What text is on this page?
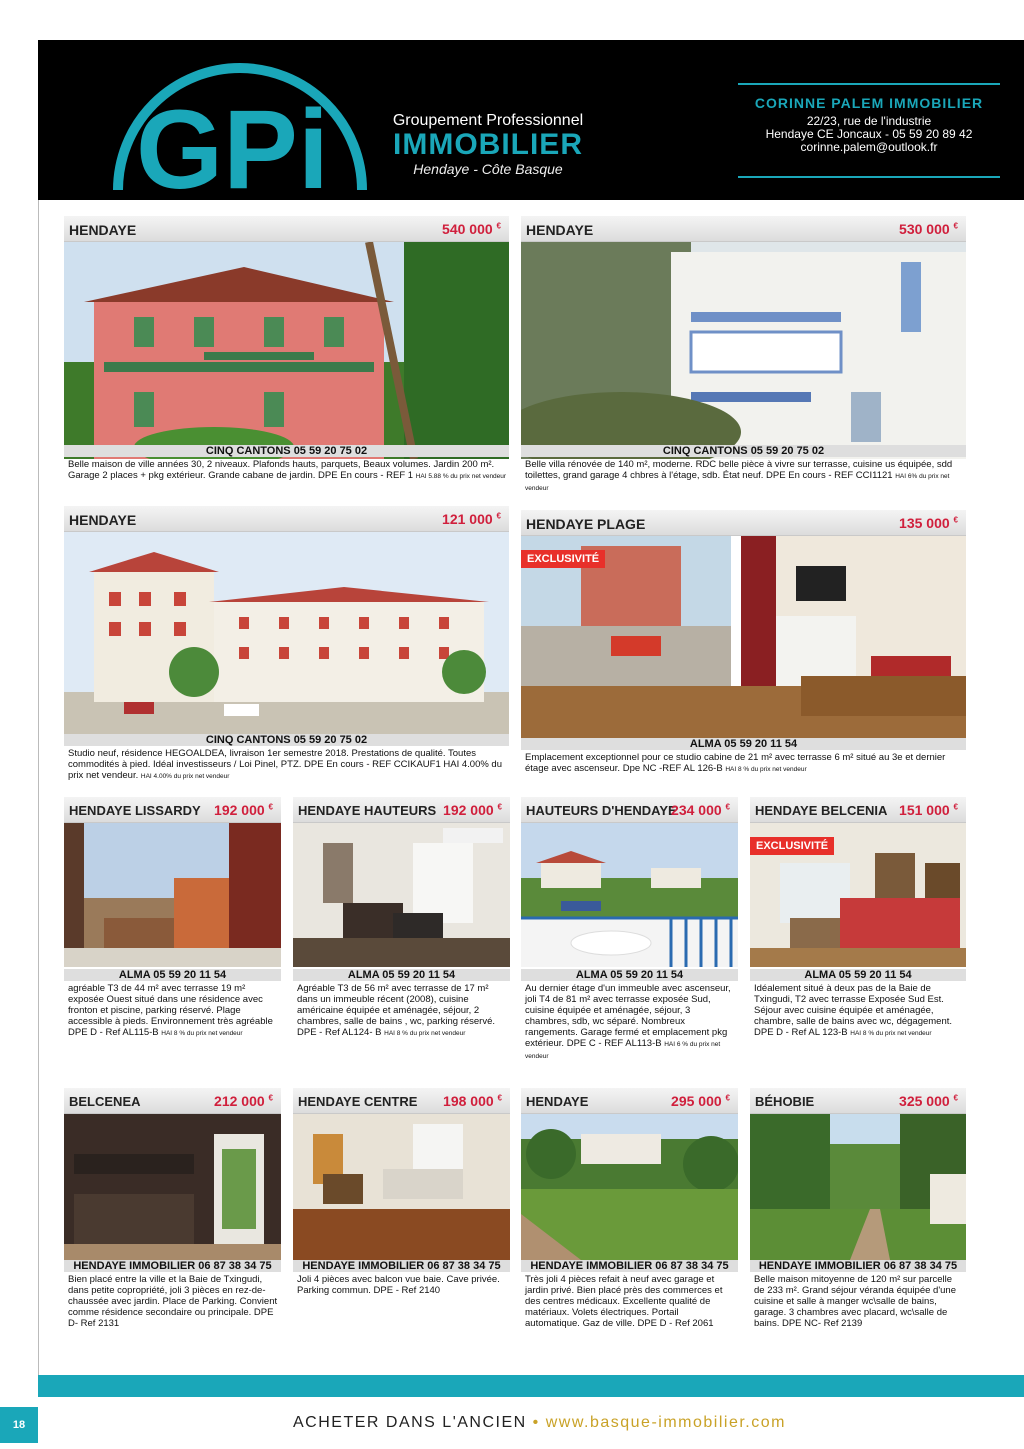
GPi	Groupement Professionnel
IMMOBILIER
Hendaye - Côte Basque
CORINNE PALEM IMMOBILIER
22/23, rue de l'industrie
Hendaye CE Joncaux - 05 59 20 89 42
corinne.palem@outlook.fr
HENDAYE	540 000 €
CINQ CANTONS 05 59 20 75 02
Belle maison de ville années 30, 2 niveaux. Plafonds hauts, parquets, Beaux volumes. Jardin 200 m². Garage 2 places + pkg extérieur. Grande cabane de jardin. DPE En cours - REF 1 HAI 5.88 % du prix net vendeur
HENDAYE	530 000 €
CINQ CANTONS 05 59 20 75 02
Belle villa rénovée de 140 m², moderne. RDC belle pièce à vivre sur terrasse, cuisine us équipée, sdd toilettes, grand garage 4 chbres à l'étage, sdb. État neuf. DPE En cours - REF CCI1121 HAI 6% du prix net vendeur
HENDAYE	121 000 €
CINQ CANTONS 05 59 20 75 02
Studio neuf, résidence HEGOALDEA, livraison 1er semestre 2018. Prestations de qualité. Toutes commodités à pied. Idéal investisseurs / Loi Pinel, PTZ. DPE En cours - REF CCIKAUF1 HAI 4.00% du prix net vendeur. HAI 4.00% du prix net vendeur
HENDAYE PLAGE	135 000 €
EXCLUSIVITÉ
ALMA 05 59 20 11 54
Emplacement exceptionnel pour ce studio cabine de 21 m² avec terrasse 6 m² situé au 3e et dernier étage avec ascenseur. Dpe NC -REF AL 126-B HAI 8 % du prix net vendeur
HENDAYE LISSARDY 192 000 €
ALMA 05 59 20 11 54
agréable T3 de 44 m² avec terrasse 19 m² exposée Ouest situé dans une résidence avec fronton et piscine, parking réservé. Plage accessible à pieds. Environnement très agréable DPE D - Ref AL115-B HAI 8 % du prix net vendeur
HENDAYE HAUTEURS 192 000 €
ALMA 05 59 20 11 54
Agréable T3 de 56 m² avec terrasse de 17 m² dans un immeuble récent (2008), cuisine américaine équipée et aménagée, séjour, 2 chambres, salle de bains , wc, parking réservé. DPE - Ref AL124- B HAI 8 % du prix net vendeur
HAUTEURS D'HENDAYE
234 000 €
ALMA 05 59 20 11 54
Au dernier étage d'un immeuble avec ascenseur, joli T4 de 81 m² avec terrasse exposée Sud, cuisine équipée et aménagée, séjour, 3 chambres, sdb, wc séparé. Nombreux rangements. Garage fermé et emplacement pkg extérieur. DPE C - REF AL113-B HAI 6 % du prix net vendeur
HENDAYE BELCENIA 151 000 €
EXCLUSIVITÉ
ALMA 05 59 20 11 54
Idéalement situé à deux pas de la Baie de Txingudi, T2 avec terrasse Exposée Sud Est. Séjour avec cuisine équipée et aménagée, chambre, salle de bains avec wc, dégagement. DPE D - Ref AL 123-B HAI 8 % du prix net vendeur
BELCENEA	212 000 €
HENDAYE IMMOBILIER 06 87 38 34 75
Bien placé entre la ville et la Baie de Txingudi, dans petite copropriété, joli 3 pièces en rez-de-chaussée avec jardin. Place de Parking. Convient comme résidence secondaire ou principale. DPE D- Ref 2131
HENDAYE CENTRE 198 000 €
HENDAYE IMMOBILIER 06 87 38 34 75
Joli 4 pièces avec balcon vue baie. Cave privée. Parking commun. DPE - Ref 2140
HENDAYE	295 000 €
HENDAYE IMMOBILIER 06 87 38 34 75
Très joli 4 pièces refait à neuf avec garage et jardin privé. Bien placé près des commerces et des centres médicaux. Excellente qualité de matériaux. Volets électriques. Portail automatique. Gaz de ville. DPE D - Ref 2061
BÉHOBIE	325 000 €
HENDAYE IMMOBILIER 06 87 38 34 75
Belle maison mitoyenne de 120 m² sur parcelle de 233 m². Grand séjour véranda équipée d'une cuisine et salle à manger wc\salle de bains, garage. 3 chambres avec placard, wc\salle de bains. DPE NC- Ref 2139
18	ACHETER DANS L'ANCIEN • www.basque-immobilier.com
